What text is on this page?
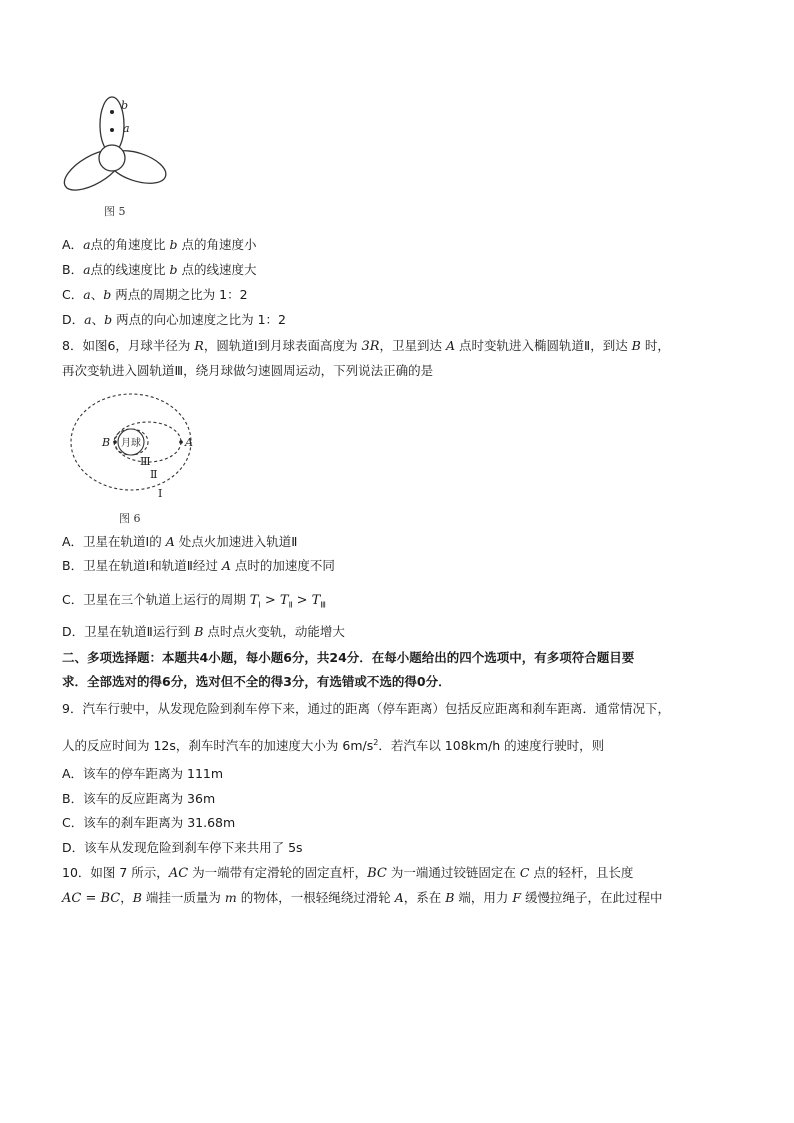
b
a
图 5
A．a点的角速度比 b 点的角速度小
B．a点的线速度比 b 点的线速度大
C．a、b 两点的周期之比为 1：2
D．a、b 两点的向心加速度之比为 1：2
8．如图6，月球半径为 R，圆轨道Ⅰ到月球表面高度为 3R，卫星到达 A 点时变轨进入椭圆轨道Ⅱ，到达 B 时，
再次变轨进入圆轨道Ⅲ，绕月球做匀速圆周运动，下列说法正确的是
月球
B	A
Ⅲ
Ⅱ
Ⅰ
图 6
A．卫星在轨道Ⅰ的 A 处点火加速进入轨道Ⅱ
B．卫星在轨道Ⅰ和轨道Ⅱ经过 A 点时的加速度不同
C．卫星在三个轨道上运行的周期 $T_Ⅰ > T_Ⅱ > T_Ⅲ$
D．卫星在轨道Ⅱ运行到 B 点时点火变轨，动能增大
二、多项选择题：本题共4小题，每小题6分，共24分．在每小题给出的四个选项中，有多项符合题目要
求．全部选对的得6分，选对但不全的得3分，有选错或不选的得0分．
9．汽车行驶中，从发现危险到刹车停下来，通过的距离（停车距离）包括反应距离和刹车距离．通常情况下，
人的反应时间为 12s，刹车时汽车的加速度大小为 $6m/s^2$．若汽车以 108km/h 的速度行驶时，则
A．该车的停车距离为 111m
B．该车的反应距离为 36m
C．该车的刹车距离为 31.68m
D．该车从发现危险到刹车停下来共用了 5s
10．如图 7 所示，AC 为一端带有定滑轮的固定直杆，BC 为一端通过铰链固定在 C 点的轻杆，且长度
AC = BC，B 端挂一质量为 m 的物体，一根轻绳绕过滑轮 A，系在 B 端，用力 F 缓慢拉绳子，在此过程中
